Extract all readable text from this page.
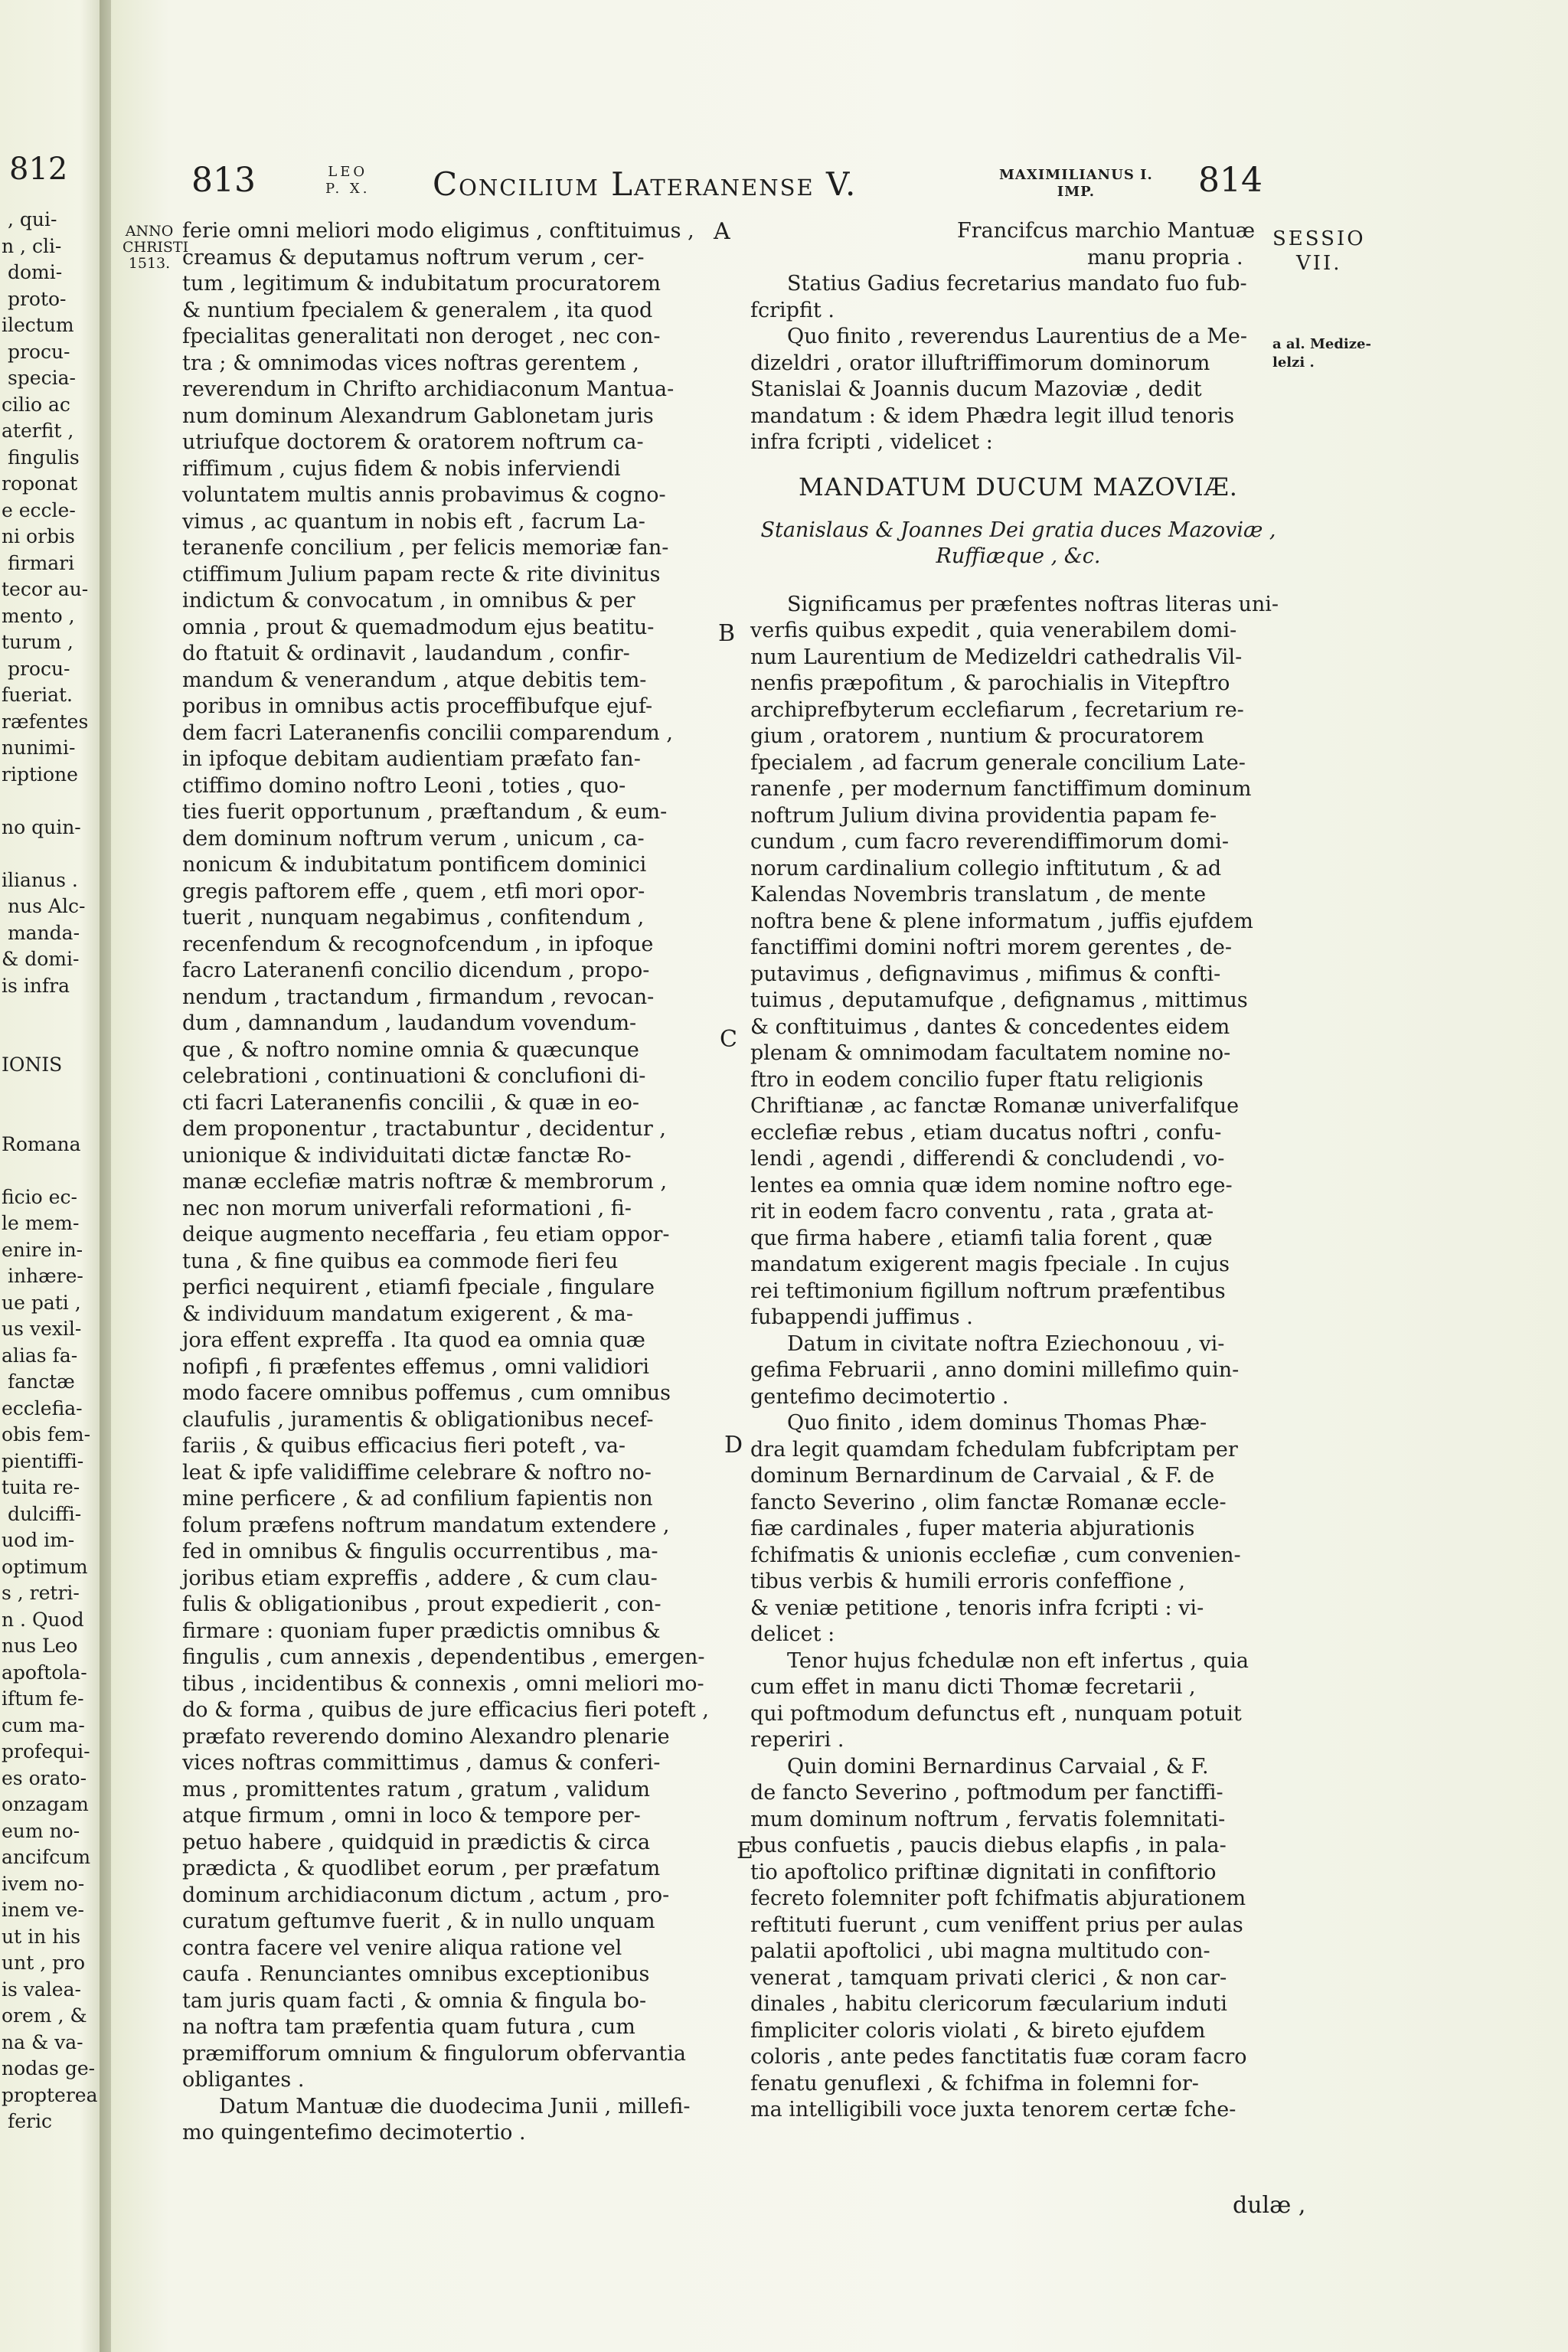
812
, qui-
n , cli-
domi-
proto-
ilectum
procu-
specia-
cilio ac
aterfit ,
fingulis
roponat
e eccle-
ni orbis
firmari
tecor au-
mento ,
turum ,
procu-
fueriat.
ræfentes
nunimi-
riptione
no quin-
ilianus .
nus Alc-
manda-
& domi-
is infra
IONIS
Romana
ficio ec-
le mem-
enire in-
inhære-
ue pati ,
us vexil-
alias fa-
fanctæ
ecclefia-
obis fem-
pientiffi-
tuita re-
dulciffi-
uod im-
optimum
s , retri-
n . Quod
nus Leo
apoftola-
iftum fe-
cum ma-
profequi-
es orato-
onzagam
eum no-
ancifcum
ivem no-
inem ve-
ut in his
unt , pro
is valea-
orem , &
na & va-
nodas ge-
propterea
feric
813	LEO
P. X. Concilium Lateranense V.	MAXIMILIANUS I.
IMP.	814
ANNO
CHRISTI
1513.
SESSIO
VII.
a al. Medize-
lelzi .
A
B
C
D
E
ferie omni meliori modo eligimus , conftituimus ,
creamus & deputamus noftrum verum , cer-
tum , legitimum & indubitatum procuratorem
& nuntium fpecialem & generalem , ita quod
fpecialitas generalitati non deroget , nec con-
tra ; & omnimodas vices noftras gerentem ,
reverendum in Chrifto archidiaconum Mantua-
num dominum Alexandrum Gablonetam juris
utriufque doctorem & oratorem noftrum ca-
riffimum , cujus fidem & nobis inferviendi
voluntatem multis annis probavimus & cogno-
vimus , ac quantum in nobis eft , facrum La-
teranenfe concilium , per felicis memoriæ fan-
ctiffimum Julium papam recte & rite divinitus
indictum & convocatum , in omnibus & per
omnia , prout & quemadmodum ejus beatitu-
do ftatuit & ordinavit , laudandum , confir-
mandum & venerandum , atque debitis tem-
poribus in omnibus actis proceffibufque ejuf-
dem facri Lateranenfis concilii comparendum ,
in ipfoque debitam audientiam præfato fan-
ctiffimo domino noftro Leoni , toties , quo-
ties fuerit opportunum , præftandum , & eum-
dem dominum noftrum verum , unicum , ca-
nonicum & indubitatum pontificem dominici
gregis paftorem effe , quem , etfi mori opor-
tuerit , nunquam negabimus , confitendum ,
recenfendum & recognofcendum , in ipfoque
facro Lateranenfi concilio dicendum , propo-
nendum , tractandum , firmandum , revocan-
dum , damnandum , laudandum vovendum-
que , & noftro nomine omnia & quæcunque
celebrationi , continuationi & conclufioni di-
cti facri Lateranenfis concilii , & quæ in eo-
dem proponentur , tractabuntur , decidentur ,
unionique & individuitati dictæ fanctæ Ro-
manæ ecclefiæ matris noftræ & membrorum ,
nec non morum univerfali reformationi , fi-
deique augmento neceffaria , feu etiam oppor-
tuna , & fine quibus ea commode fieri feu
perfici nequirent , etiamfi fpeciale , fingulare
& individuum mandatum exigerent , & ma-
jora effent expreffa . Ita quod ea omnia quæ
nofipfi , fi præfentes effemus , omni validiori
modo facere omnibus poffemus , cum omnibus
claufulis , juramentis & obligationibus necef-
fariis , & quibus efficacius fieri poteft , va-
leat & ipfe validiffime celebrare & noftro no-
mine perficere , & ad confilium fapientis non
folum præfens noftrum mandatum extendere ,
fed in omnibus & fingulis occurrentibus , ma-
joribus etiam expreffis , addere , & cum clau-
fulis & obligationibus , prout expedierit , con-
firmare : quoniam fuper prædictis omnibus &
fingulis , cum annexis , dependentibus , emergen-
tibus , incidentibus & connexis , omni meliori mo-
do & forma , quibus de jure efficacius fieri poteft ,
præfato reverendo domino Alexandro plenarie
vices noftras committimus , damus & conferi-
mus , promittentes ratum , gratum , validum
atque firmum , omni in loco & tempore per-
petuo habere , quidquid in prædictis & circa
prædicta , & quodlibet eorum , per præfatum
dominum archidiaconum dictum , actum , pro-
curatum geftumve fuerit , & in nullo unquam
contra facere vel venire aliqua ratione vel
caufa . Renunciantes omnibus exceptionibus
tam juris quam facti , & omnia & fingula bo-
na noftra tam præfentia quam futura , cum
præmifforum omnium & fingulorum obfervantia
obligantes .
Datum Mantuæ die duodecima Junii , millefi-
mo quingentefimo decimotertio .
Francifcus marchio Mantuæ
manu propria .
Statius Gadius fecretarius mandato fuo fub-
fcripfit .
Quo finito , reverendus Laurentius de a Me-
dizeldri , orator illuftriffimorum dominorum
Stanislai & Joannis ducum Mazoviæ , dedit
mandatum : & idem Phædra legit illud tenoris
infra fcripti , videlicet :
MANDATUM DUCUM MAZOVIÆ.
Stanislaus & Joannes Dei gratia duces Mazoviæ ,
Ruffiæque , &c.
Significamus per præfentes noftras literas uni-
verfis quibus expedit , quia venerabilem domi-
num Laurentium de Medizeldri cathedralis Vil-
nenfis præpofitum , & parochialis in Vitepftro
archiprefbyterum ecclefiarum , fecretarium re-
gium , oratorem , nuntium & procuratorem
fpecialem , ad facrum generale concilium Late-
ranenfe , per modernum fanctiffimum dominum
noftrum Julium divina providentia papam fe-
cundum , cum facro reverendiffimorum domi-
norum cardinalium collegio inftitutum , & ad
Kalendas Novembris translatum , de mente
noftra bene & plene informatum , juffis ejufdem
fanctiffimi domini noftri morem gerentes , de-
putavimus , defignavimus , mifimus & confti-
tuimus , deputamufque , defignamus , mittimus
& conftituimus , dantes & concedentes eidem
plenam & omnimodam facultatem nomine no-
ftro in eodem concilio fuper ftatu religionis
Chriftianæ , ac fanctæ Romanæ univerfalifque
ecclefiæ rebus , etiam ducatus noftri , confu-
lendi , agendi , differendi & concludendi , vo-
lentes ea omnia quæ idem nomine noftro ege-
rit in eodem facro conventu , rata , grata at-
que firma habere , etiamfi talia forent , quæ
mandatum exigerent magis fpeciale . In cujus
rei teftimonium figillum noftrum præfentibus
fubappendi juffimus .
Datum in civitate noftra Eziechonouu , vi-
gefima Februarii , anno domini millefimo quin-
gentefimo decimotertio .
Quo finito , idem dominus Thomas Phæ-
dra legit quamdam fchedulam fubfcriptam per
dominum Bernardinum de Carvaial , & F. de
fancto Severino , olim fanctæ Romanæ eccle-
fiæ cardinales , fuper materia abjurationis
fchifmatis & unionis ecclefiæ , cum convenien-
tibus verbis & humili erroris confeffione ,
& veniæ petitione , tenoris infra fcripti : vi-
delicet :
Tenor hujus fchedulæ non eft infertus , quia
cum effet in manu dicti Thomæ fecretarii ,
qui poftmodum defunctus eft , nunquam potuit
reperiri .
Quin domini Bernardinus Carvaial , & F.
de fancto Severino , poftmodum per fanctiffi-
mum dominum noftrum , fervatis folemnitati-
bus confuetis , paucis diebus elapfis , in pala-
tio apoftolico priftinæ dignitati in confiftorio
fecreto folemniter poft fchifmatis abjurationem
reftituti fuerunt , cum veniffent prius per aulas
palatii apoftolici , ubi magna multitudo con-
venerat , tamquam privati clerici , & non car-
dinales , habitu clericorum fæcularium induti
fimpliciter coloris violati , & bireto ejufdem
coloris , ante pedes fanctitatis fuæ coram facro
fenatu genuflexi , & fchifma in folemni for-
ma intelligibili voce juxta tenorem certæ fche-
dulæ ,
